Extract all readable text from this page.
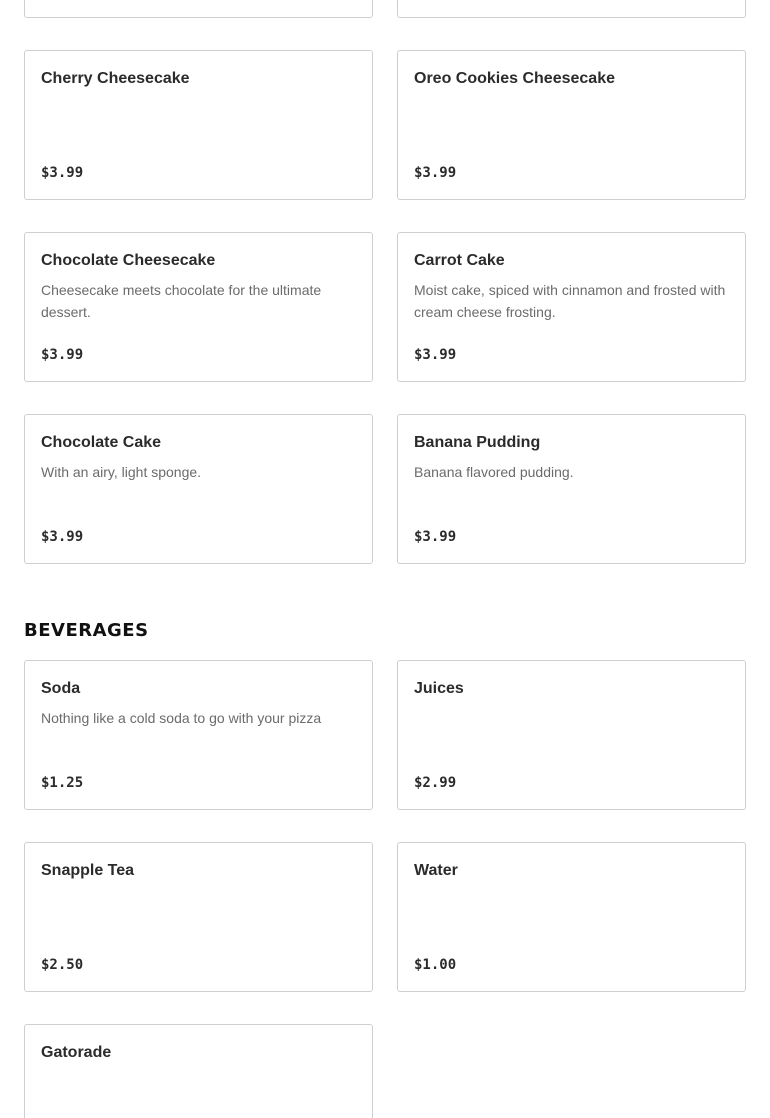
Cherry Cheesecake
$3.99
Oreo Cookies Cheesecake
$3.99
Chocolate Cheesecake
Cheesecake meets chocolate for the ultimate dessert.
$3.99
Carrot Cake
Moist cake, spiced with cinnamon and frosted with cream cheese frosting.
$3.99
Chocolate Cake
With an airy, light sponge.
$3.99
Banana Pudding
Banana flavored pudding.
$3.99
BEVERAGES
Soda
Nothing like a cold soda to go with your pizza
$1.25
Juices
$2.99
Snapple Tea
$2.50
Water
$1.00
Gatorade
